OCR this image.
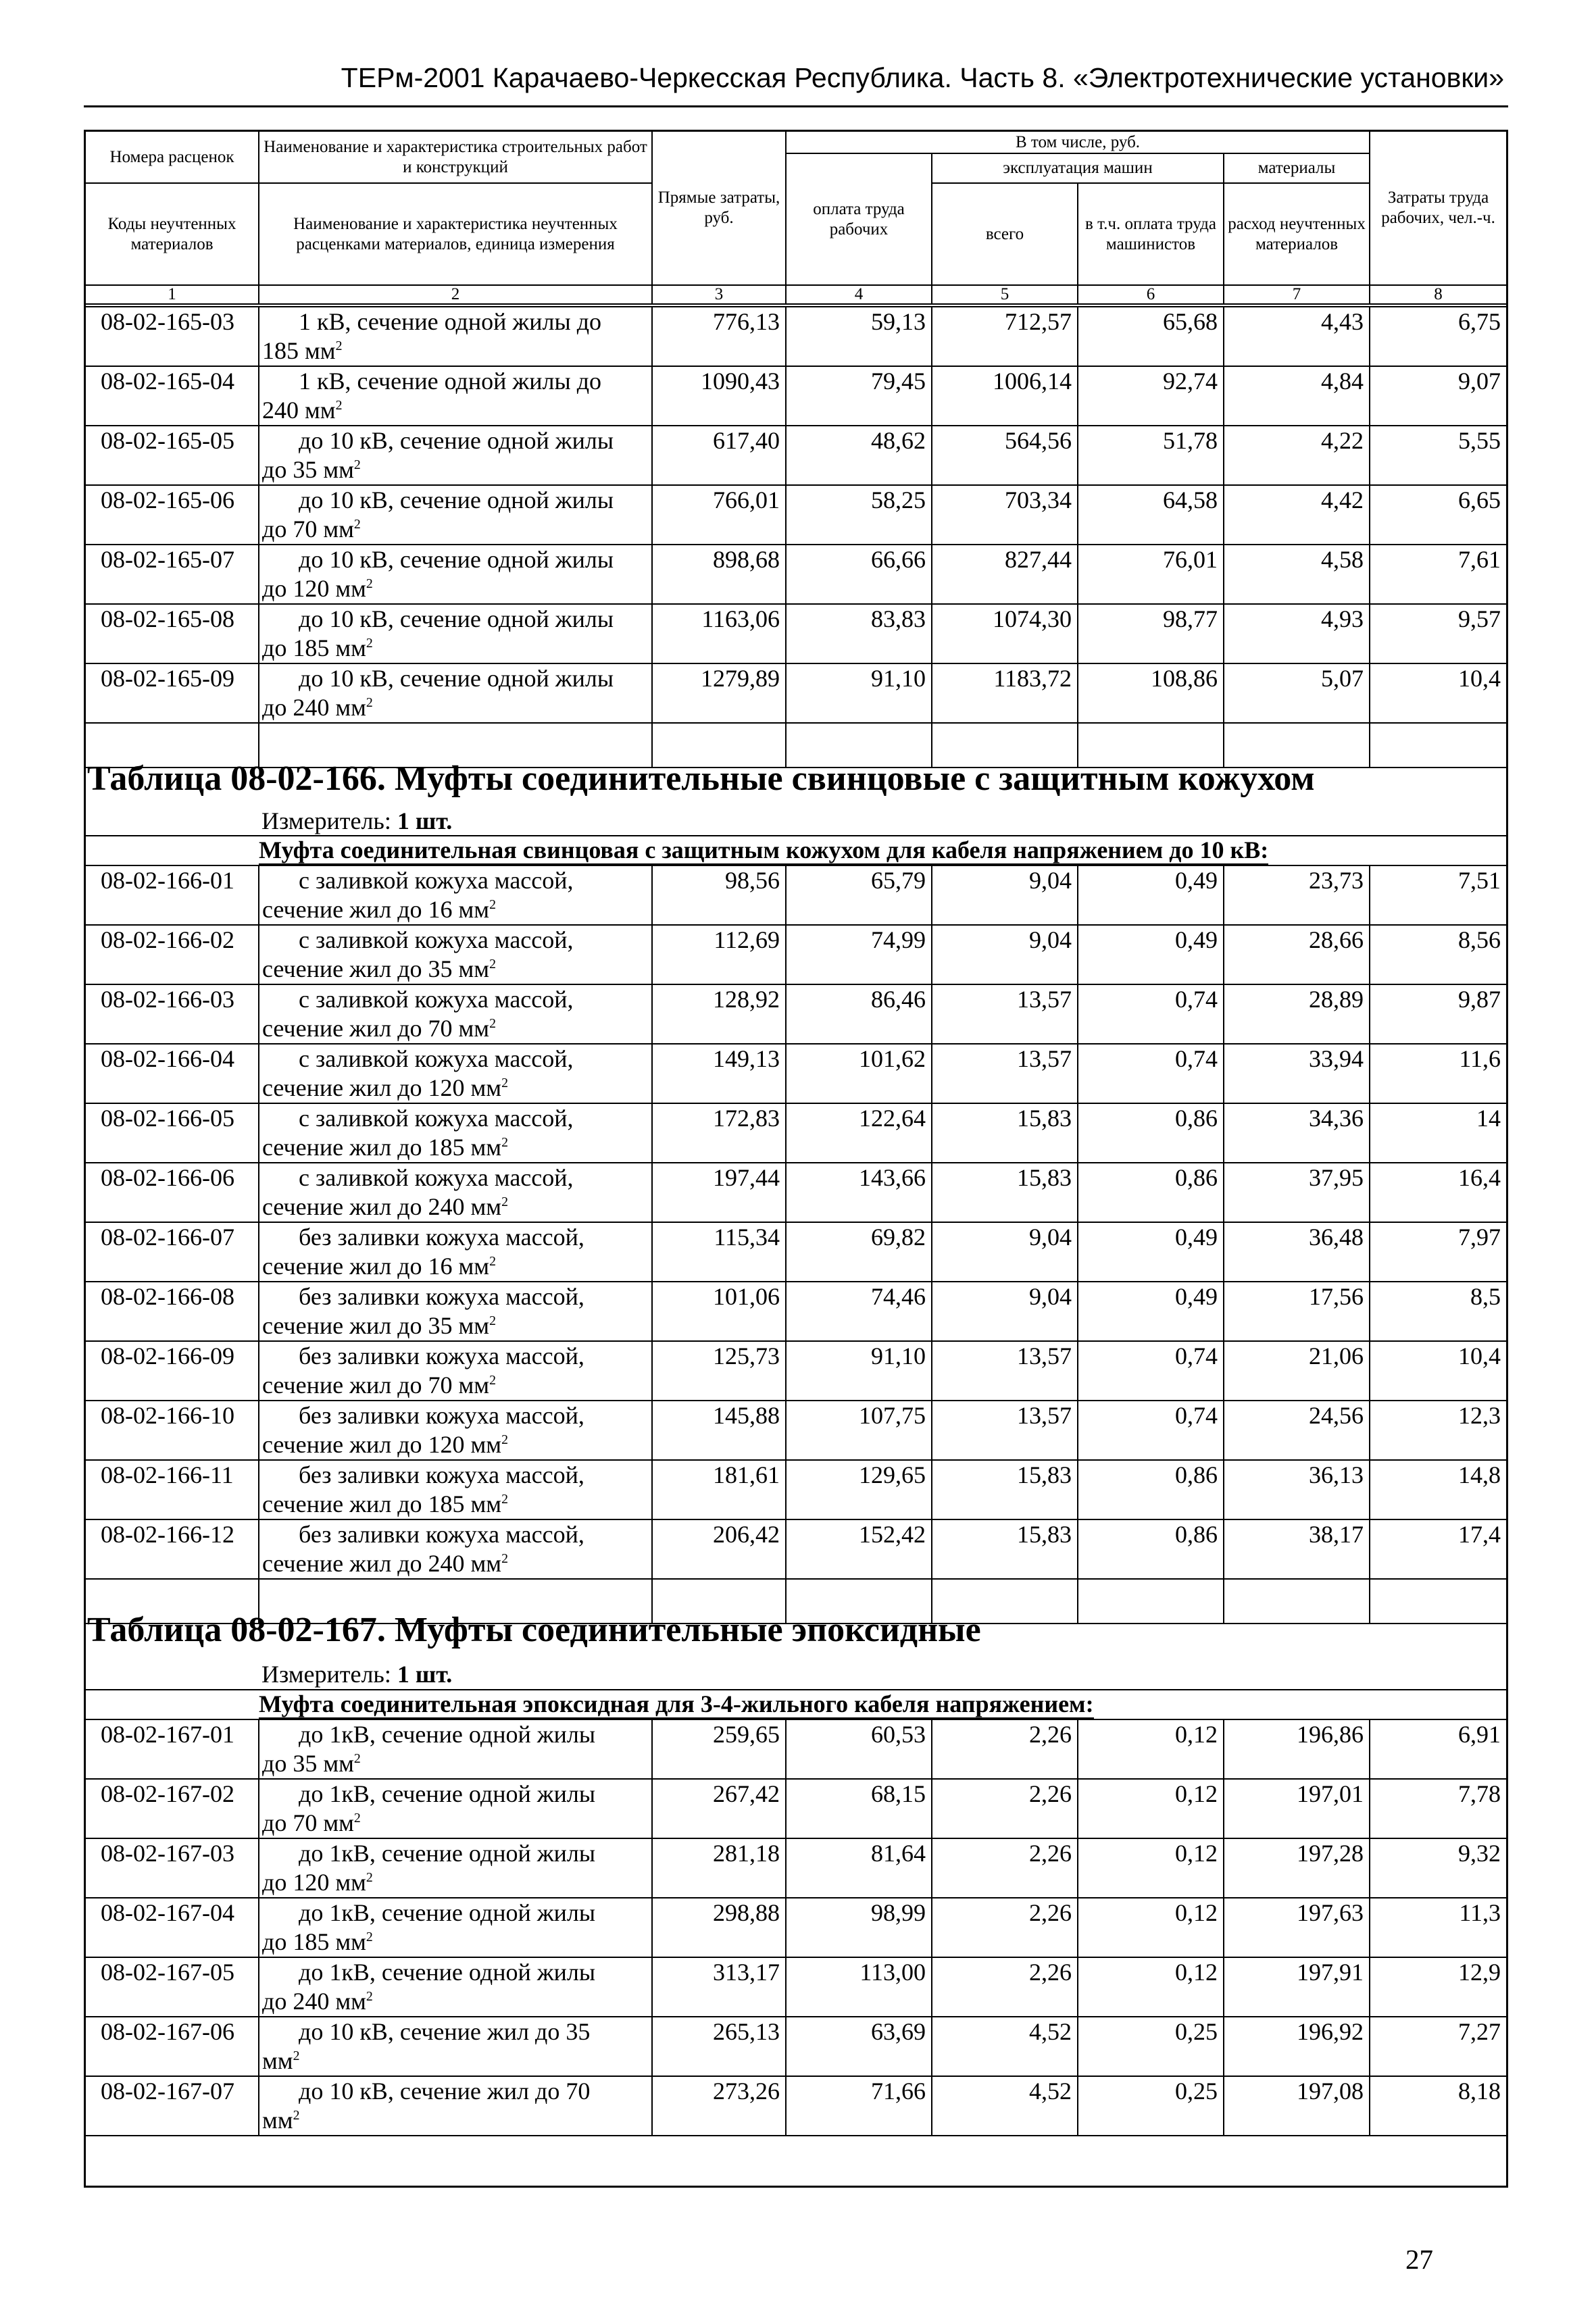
ТЕРм-2001 Карачаево-Черкесская Республика. Часть 8. «Электротехнические установки»
Номера расценок	Наименование и характеристика строительных работ и конструкций	Прямые затраты, руб.	В том числе, руб.				Затраты труда рабочих, чел.-ч.
			оплата труда рабочих	эксплуатация машин		материалы	
Коды неучтенных материалов	Наименование и характеристика неучтенных расценками материалов, единица измерения			всего	в т.ч. оплата труда машинистов	расход неучтенных материалов	

1	2	3	4	5	6	7	8
08-02-165-03	1 кВ, сечение одной жилы до
185 $мм^2$	776,13	59,13	712,57	65,68	4,43	6,75
08-02-165-04	1 кВ, сечение одной жилы до
240 $мм^2$	1090,43	79,45	1006,14	92,74	4,84	9,07
08-02-165-05	до 10 кВ, сечение одной жилы
до 35 $мм^2$	617,40	48,62	564,56	51,78	4,22	5,55
08-02-165-06	до 10 кВ, сечение одной жилы
до 70 $мм^2$	766,01	58,25	703,34	64,58	4,42	6,65
08-02-165-07	до 10 кВ, сечение одной жилы
до 120 $мм^2$	898,68	66,66	827,44	76,01	4,58	7,61
08-02-165-08	до 10 кВ, сечение одной жилы
до 185 $мм^2$	1163,06	83,83	1074,30	98,77	4,93	9,57
08-02-165-09	до 10 кВ, сечение одной жилы
до 240 $мм^2$	1279,89	91,10	1183,72	108,86	5,07	10,4

Таблица 08-02-166. Муфты соединительные свинцовые с защитным кожухом
Измеритель: 1 шт.
Муфта соединительная свинцовая с защитным кожухом для кабеля напряжением до 10 кВ:
08-02-166-01	с заливкой кожуха массой,
сечение жил до 16 $мм^2$	98,56	65,79	9,04	0,49	23,73	7,51
08-02-166-02	с заливкой кожуха массой,
сечение жил до 35 $мм^2$	112,69	74,99	9,04	0,49	28,66	8,56
08-02-166-03	с заливкой кожуха массой,
сечение жил до 70 $мм^2$	128,92	86,46	13,57	0,74	28,89	9,87
08-02-166-04	с заливкой кожуха массой,
сечение жил до 120 $мм^2$	149,13	101,62	13,57	0,74	33,94	11,6
08-02-166-05	с заливкой кожуха массой,
сечение жил до 185 $мм^2$	172,83	122,64	15,83	0,86	34,36	14
08-02-166-06	с заливкой кожуха массой,
сечение жил до 240 $мм^2$	197,44	143,66	15,83	0,86	37,95	16,4
08-02-166-07	без заливки кожуха массой,
сечение жил до 16 $мм^2$	115,34	69,82	9,04	0,49	36,48	7,97
08-02-166-08	без заливки кожуха массой,
сечение жил до 35 $мм^2$	101,06	74,46	9,04	0,49	17,56	8,5
08-02-166-09	без заливки кожуха массой,
сечение жил до 70 $мм^2$	125,73	91,10	13,57	0,74	21,06	10,4
08-02-166-10	без заливки кожуха массой,
сечение жил до 120 $мм^2$	145,88	107,75	13,57	0,74	24,56	12,3
08-02-166-11	без заливки кожуха массой,
сечение жил до 185 $мм^2$	181,61	129,65	15,83	0,86	36,13	14,8
08-02-166-12	без заливки кожуха массой,
сечение жил до 240 $мм^2$	206,42	152,42	15,83	0,86	38,17	17,4

Таблица 08-02-167. Муфты соединительные эпоксидные
Измеритель: 1 шт.
Муфта соединительная эпоксидная для 3-4-жильного кабеля напряжением:
08-02-167-01	до 1кВ, сечение одной жилы
до 35 $мм^2$	259,65	60,53	2,26	0,12	196,86	6,91
08-02-167-02	до 1кВ, сечение одной жилы
до 70 $мм^2$	267,42	68,15	2,26	0,12	197,01	7,78
08-02-167-03	до 1кВ, сечение одной жилы
до 120 $мм^2$	281,18	81,64	2,26	0,12	197,28	9,32
08-02-167-04	до 1кВ, сечение одной жилы
до 185 $мм^2$	298,88	98,99	2,26	0,12	197,63	11,3
08-02-167-05	до 1кВ, сечение одной жилы
до 240 $мм^2$	313,17	113,00	2,26	0,12	197,91	12,9
08-02-167-06	до 10 кВ, сечение жил до 35
$мм^2$	265,13	63,69	4,52	0,25	196,92	7,27
08-02-167-07	до 10 кВ, сечение жил до 70
$мм^2$	273,26	71,66	4,52	0,25	197,08	8,18
27
